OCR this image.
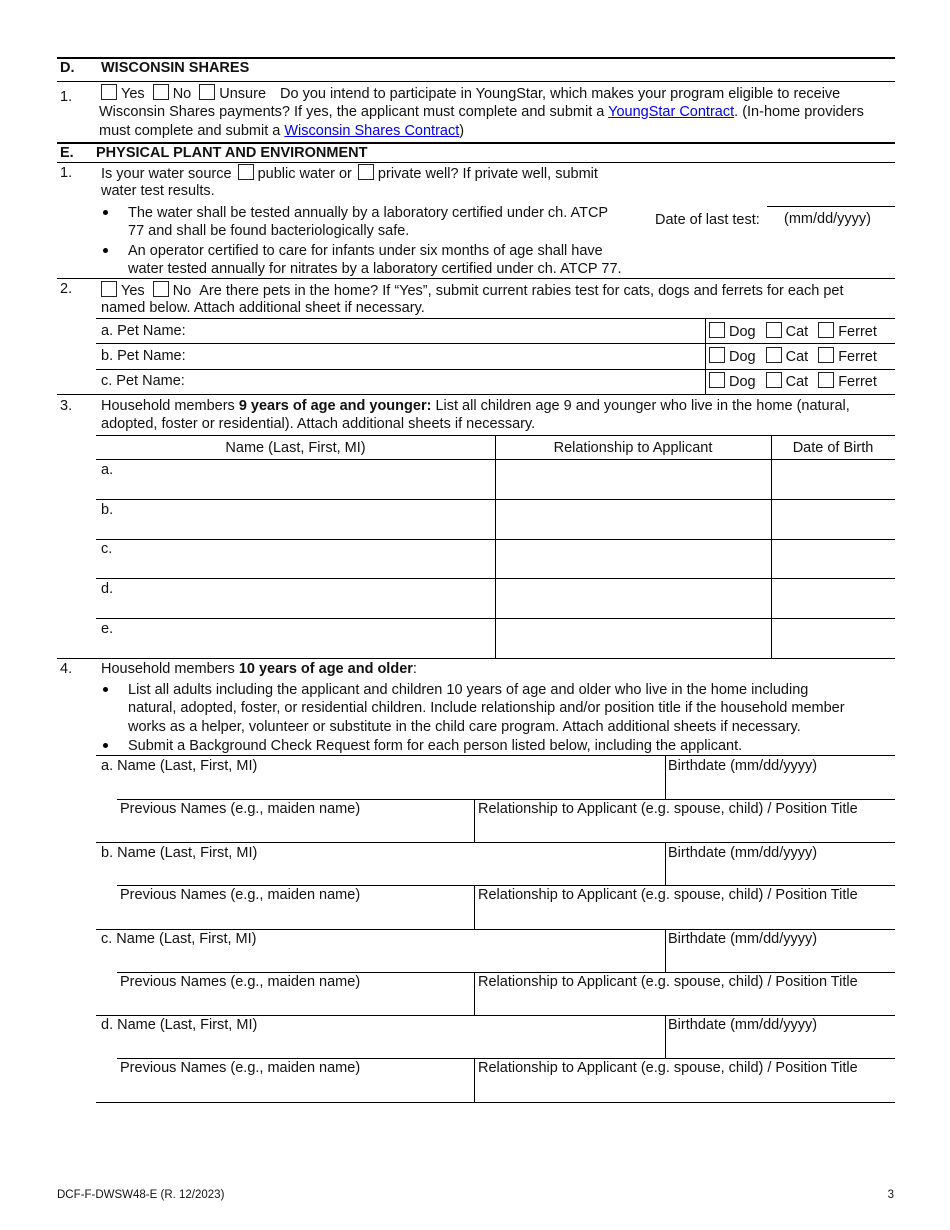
D. WISCONSIN SHARES
1.	Yes No Unsure Do you intend to participate in YoungStar, which makes your program eligible to receive
Wisconsin Shares payments? If yes, the applicant must complete and submit a YoungStar Contract. (In-home providers
must complete and submit a Wisconsin Shares Contract)
E. PHYSICAL PLANT AND ENVIRONMENT
1. Is your water source public water or private well? If private well, submit
water test results.
The water shall be tested annually by a laboratory certified under ch. ATCP
77 and shall be found bacteriologically safe.
An operator certified to care for infants under six months of age shall have
water tested annually for nitrates by a laboratory certified under ch. ATCP 77.
Date of last test: (mm/dd/yyyy)
2.	Yes No Are there pets in the home? If “Yes”, submit current rabies test for cats, dogs and ferrets for each pet
named below. Attach additional sheet if necessary.
a. Pet Name:	Dog Cat Ferret
b. Pet Name:	Dog Cat Ferret
c. Pet Name:	Dog Cat Ferret
3. Household members 9 years of age and younger: List all children age 9 and younger who live in the home (natural,
adopted, foster or residential). Attach additional sheets if necessary.
Name (Last, First, MI)	Relationship to Applicant	Date of Birth
a.
b.
c.
d.
e.
4. Household members 10 years of age and older:
List all adults including the applicant and children 10 years of age and older who live in the home including
natural, adopted, foster, or residential children. Include relationship and/or position title if the household member
works as a helper, volunteer or substitute in the child care program. Attach additional sheets if necessary.
Submit a Background Check Request form for each person listed below, including the applicant.
a. Name (Last, First, MI)	Birthdate (mm/dd/yyyy)
Previous Names (e.g., maiden name)	Relationship to Applicant (e.g. spouse, child) / Position Title
b. Name (Last, First, MI)	Birthdate (mm/dd/yyyy)
Previous Names (e.g., maiden name)	Relationship to Applicant (e.g. spouse, child) / Position Title
c. Name (Last, First, MI)	Birthdate (mm/dd/yyyy)
Previous Names (e.g., maiden name)	Relationship to Applicant (e.g. spouse, child) / Position Title
d. Name (Last, First, MI)	Birthdate (mm/dd/yyyy)
Previous Names (e.g., maiden name)	Relationship to Applicant (e.g. spouse, child) / Position Title
DCF-F-DWSW48-E (R. 12/2023)	3
